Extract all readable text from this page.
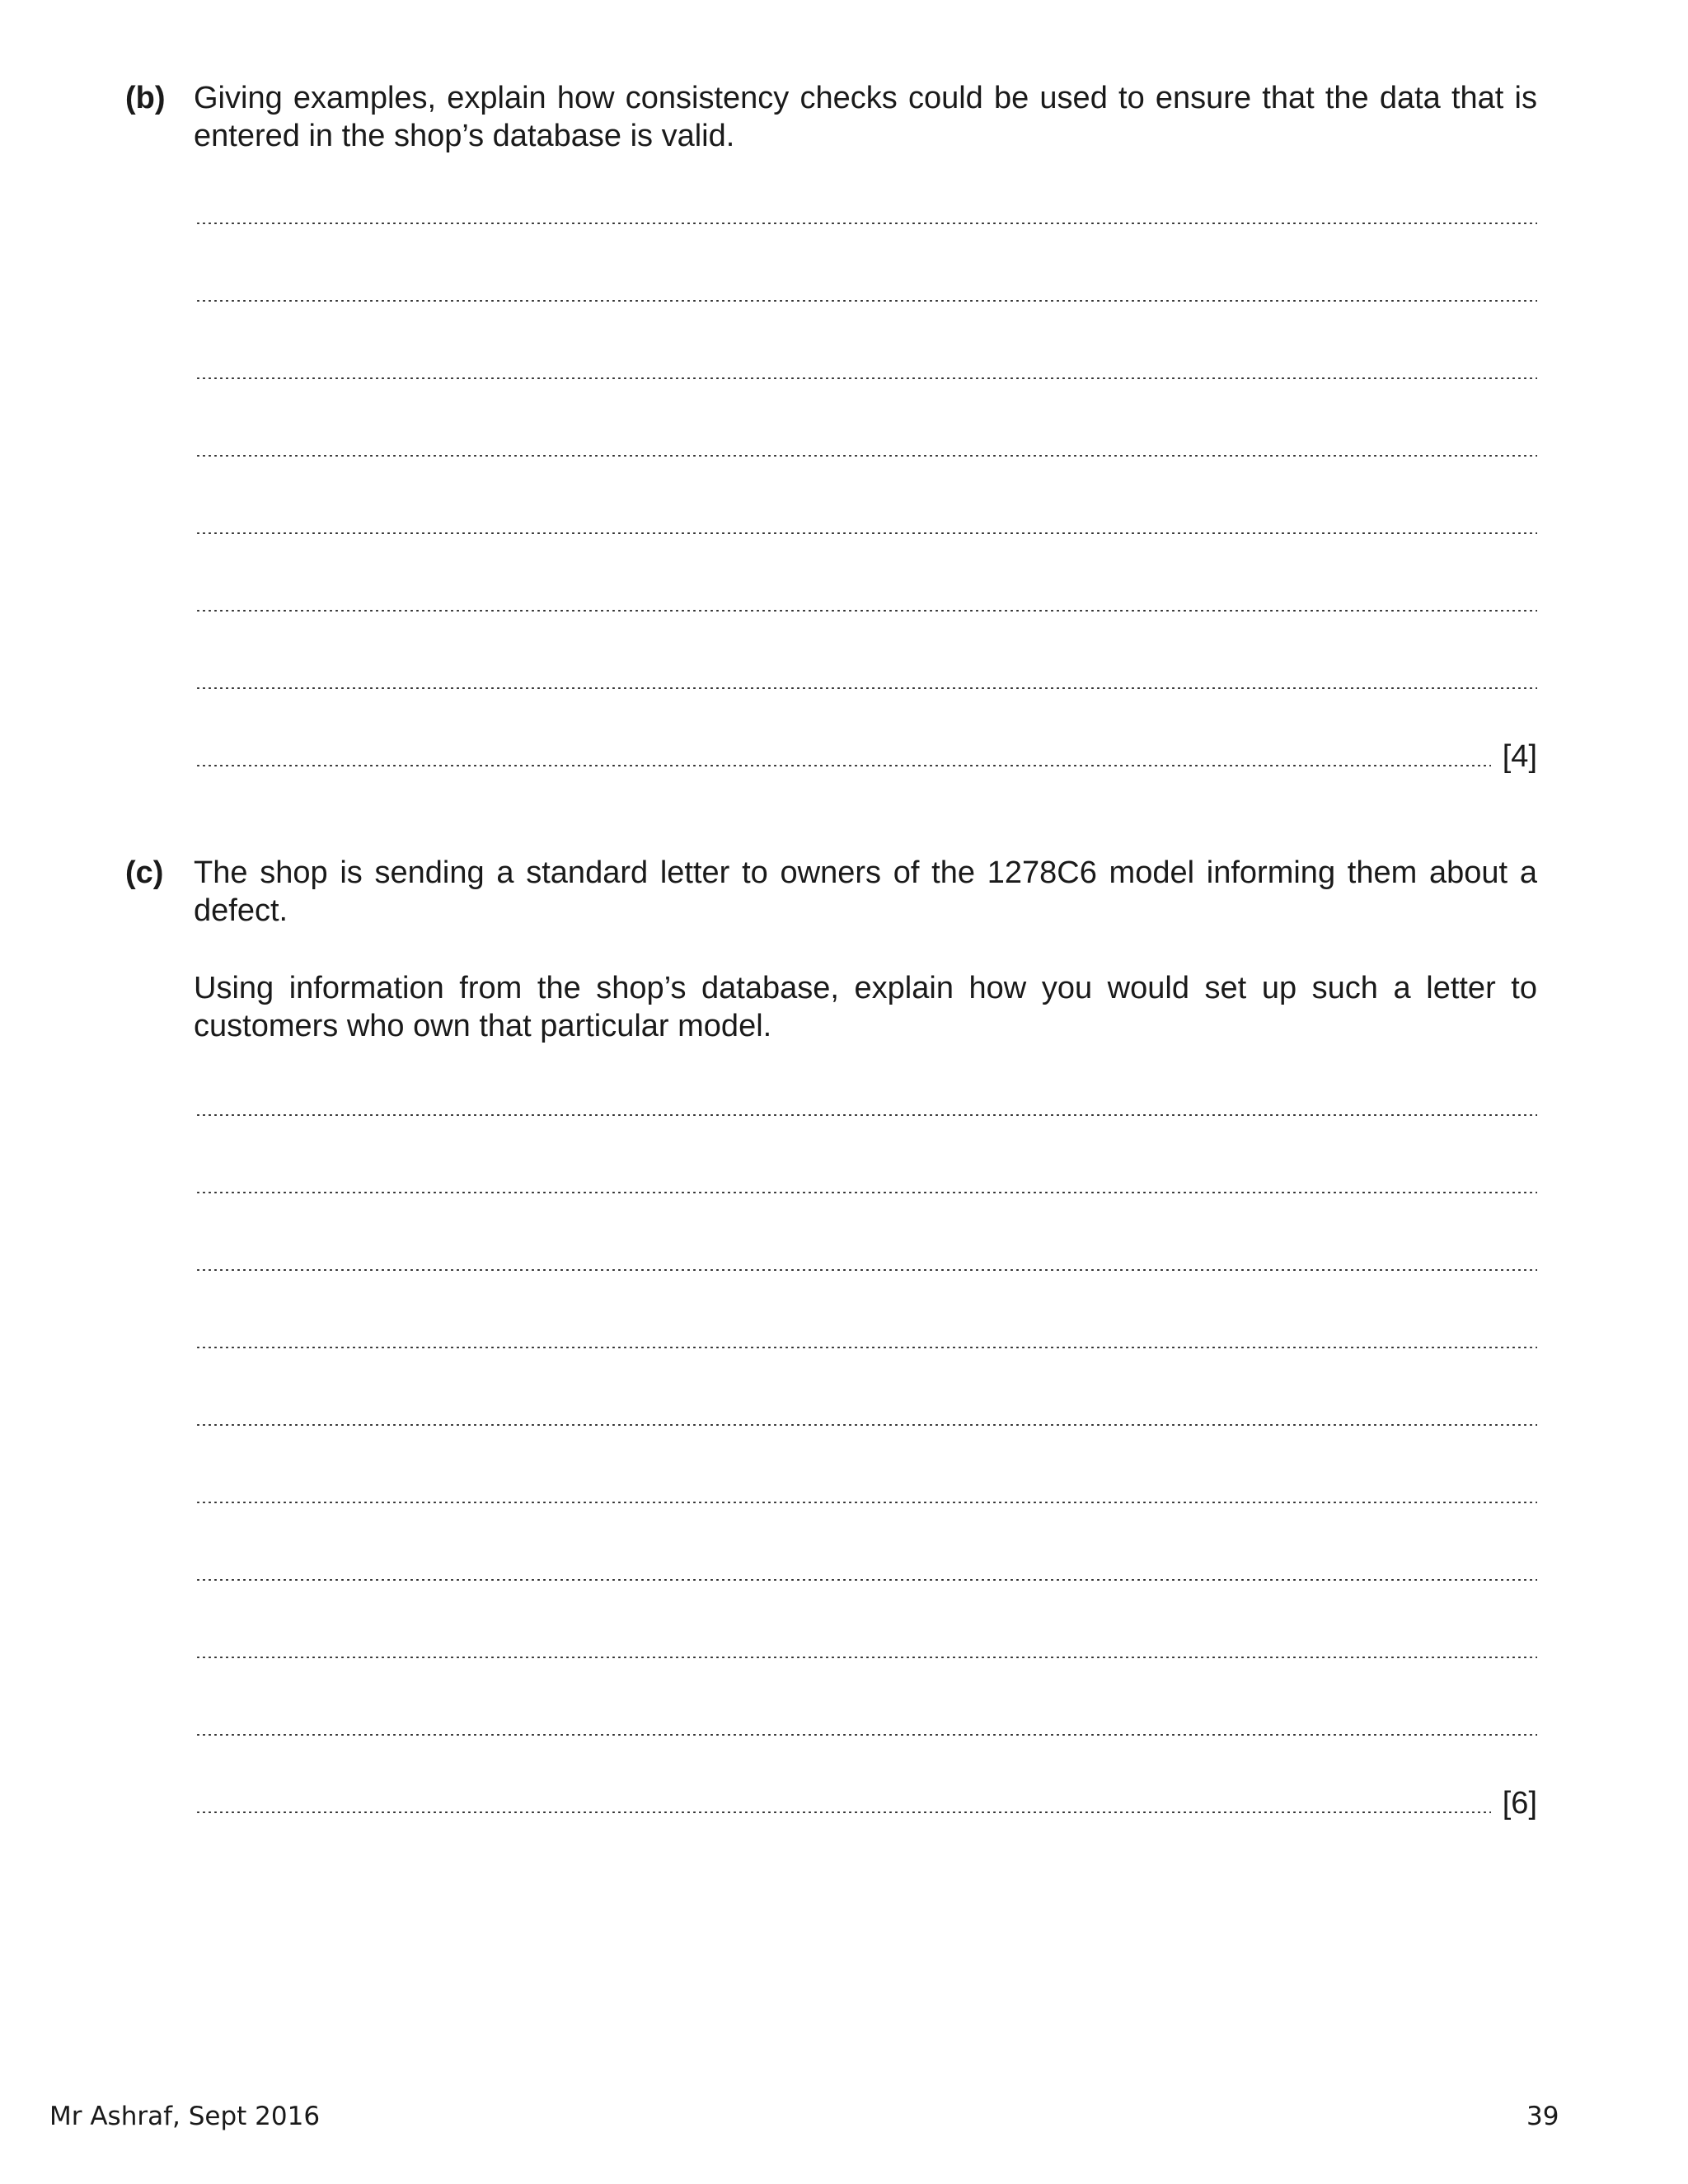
(b) Giving examples, explain how consistency checks could be used to ensure that the data that is entered in the shop’s database is valid.
[4]
(c) The shop is sending a standard letter to owners of the 1278C6 model informing them about a defect.
Using information from the shop’s database, explain how you would set up such a letter to customers who own that particular model.
[6]
Mr Ashraf, Sept 2016	39
